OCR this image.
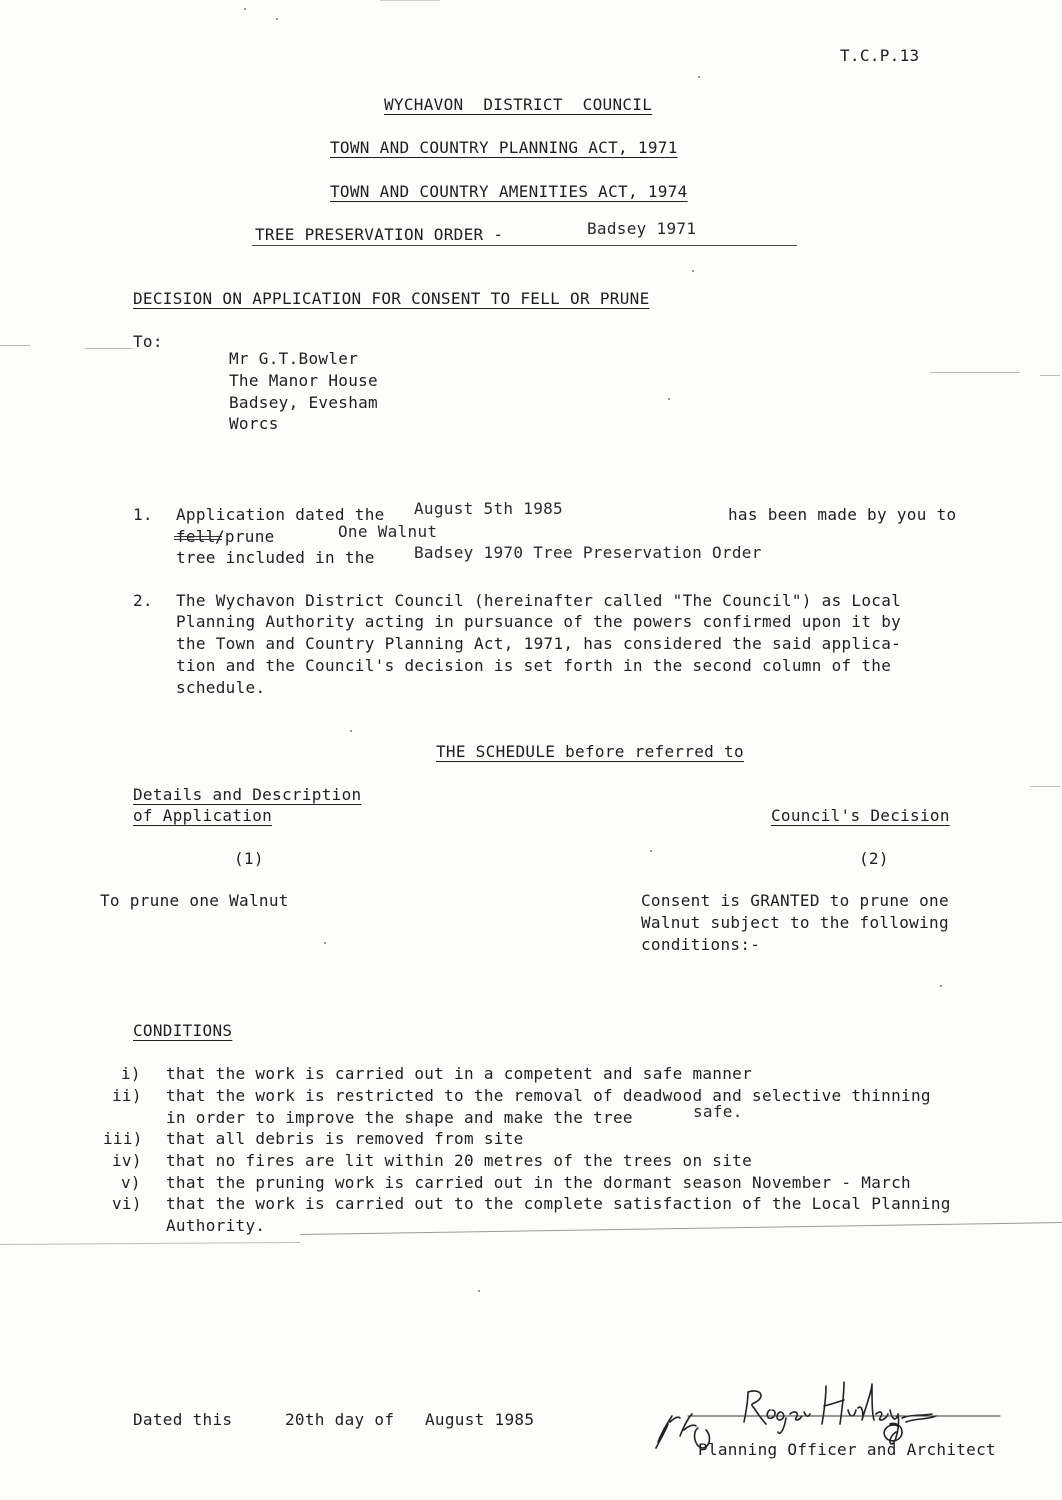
T.C.P.13
WYCHAVON  DISTRICT  COUNCIL
TOWN AND COUNTRY PLANNING ACT, 1971
TOWN AND COUNTRY AMENITIES ACT, 1974
TREE PRESERVATION ORDER -	Badsey 1971
DECISION ON APPLICATION FOR CONSENT TO FELL OR PRUNE
To:
Mr G.T.Bowler
The Manor House
Badsey, Evesham
Worcs
1. Application dated the August 5th 1985	has been made by you to
/prune	One Walnut
tree included in the Badsey 1970 Tree Preservation Order
2. The Wychavon District Council (hereinafter called "The Council") as Local
Planning Authority acting in pursuance of the powers confirmed upon it by
the Town and Country Planning Act, 1971, has considered the said applica-
tion and the Council's decision is set forth in the second column of the
schedule.
THE SCHEDULE before referred to
Details and Description
of Application	Council's Decision
(1)	(2)
To prune one Walnut	Consent is GRANTED to prune one
Walnut subject to the following
conditions:-
CONDITIONS
i) that the work is carried out in a competent and safe manner
ii) that the work is restricted to the removal of deadwood and selective thinning
in order to improve the shape and make the tree	safe.
iii) that all debris is removed from site
iv) that no fires are lit within 20 metres of the trees on site
v) that the pruning work is carried out in the dormant season November - March
vi) that the work is carried out to the complete satisfaction of the Local Planning
Authority.
Dated this	20th day of August 1985
Planning Officer and Architect
